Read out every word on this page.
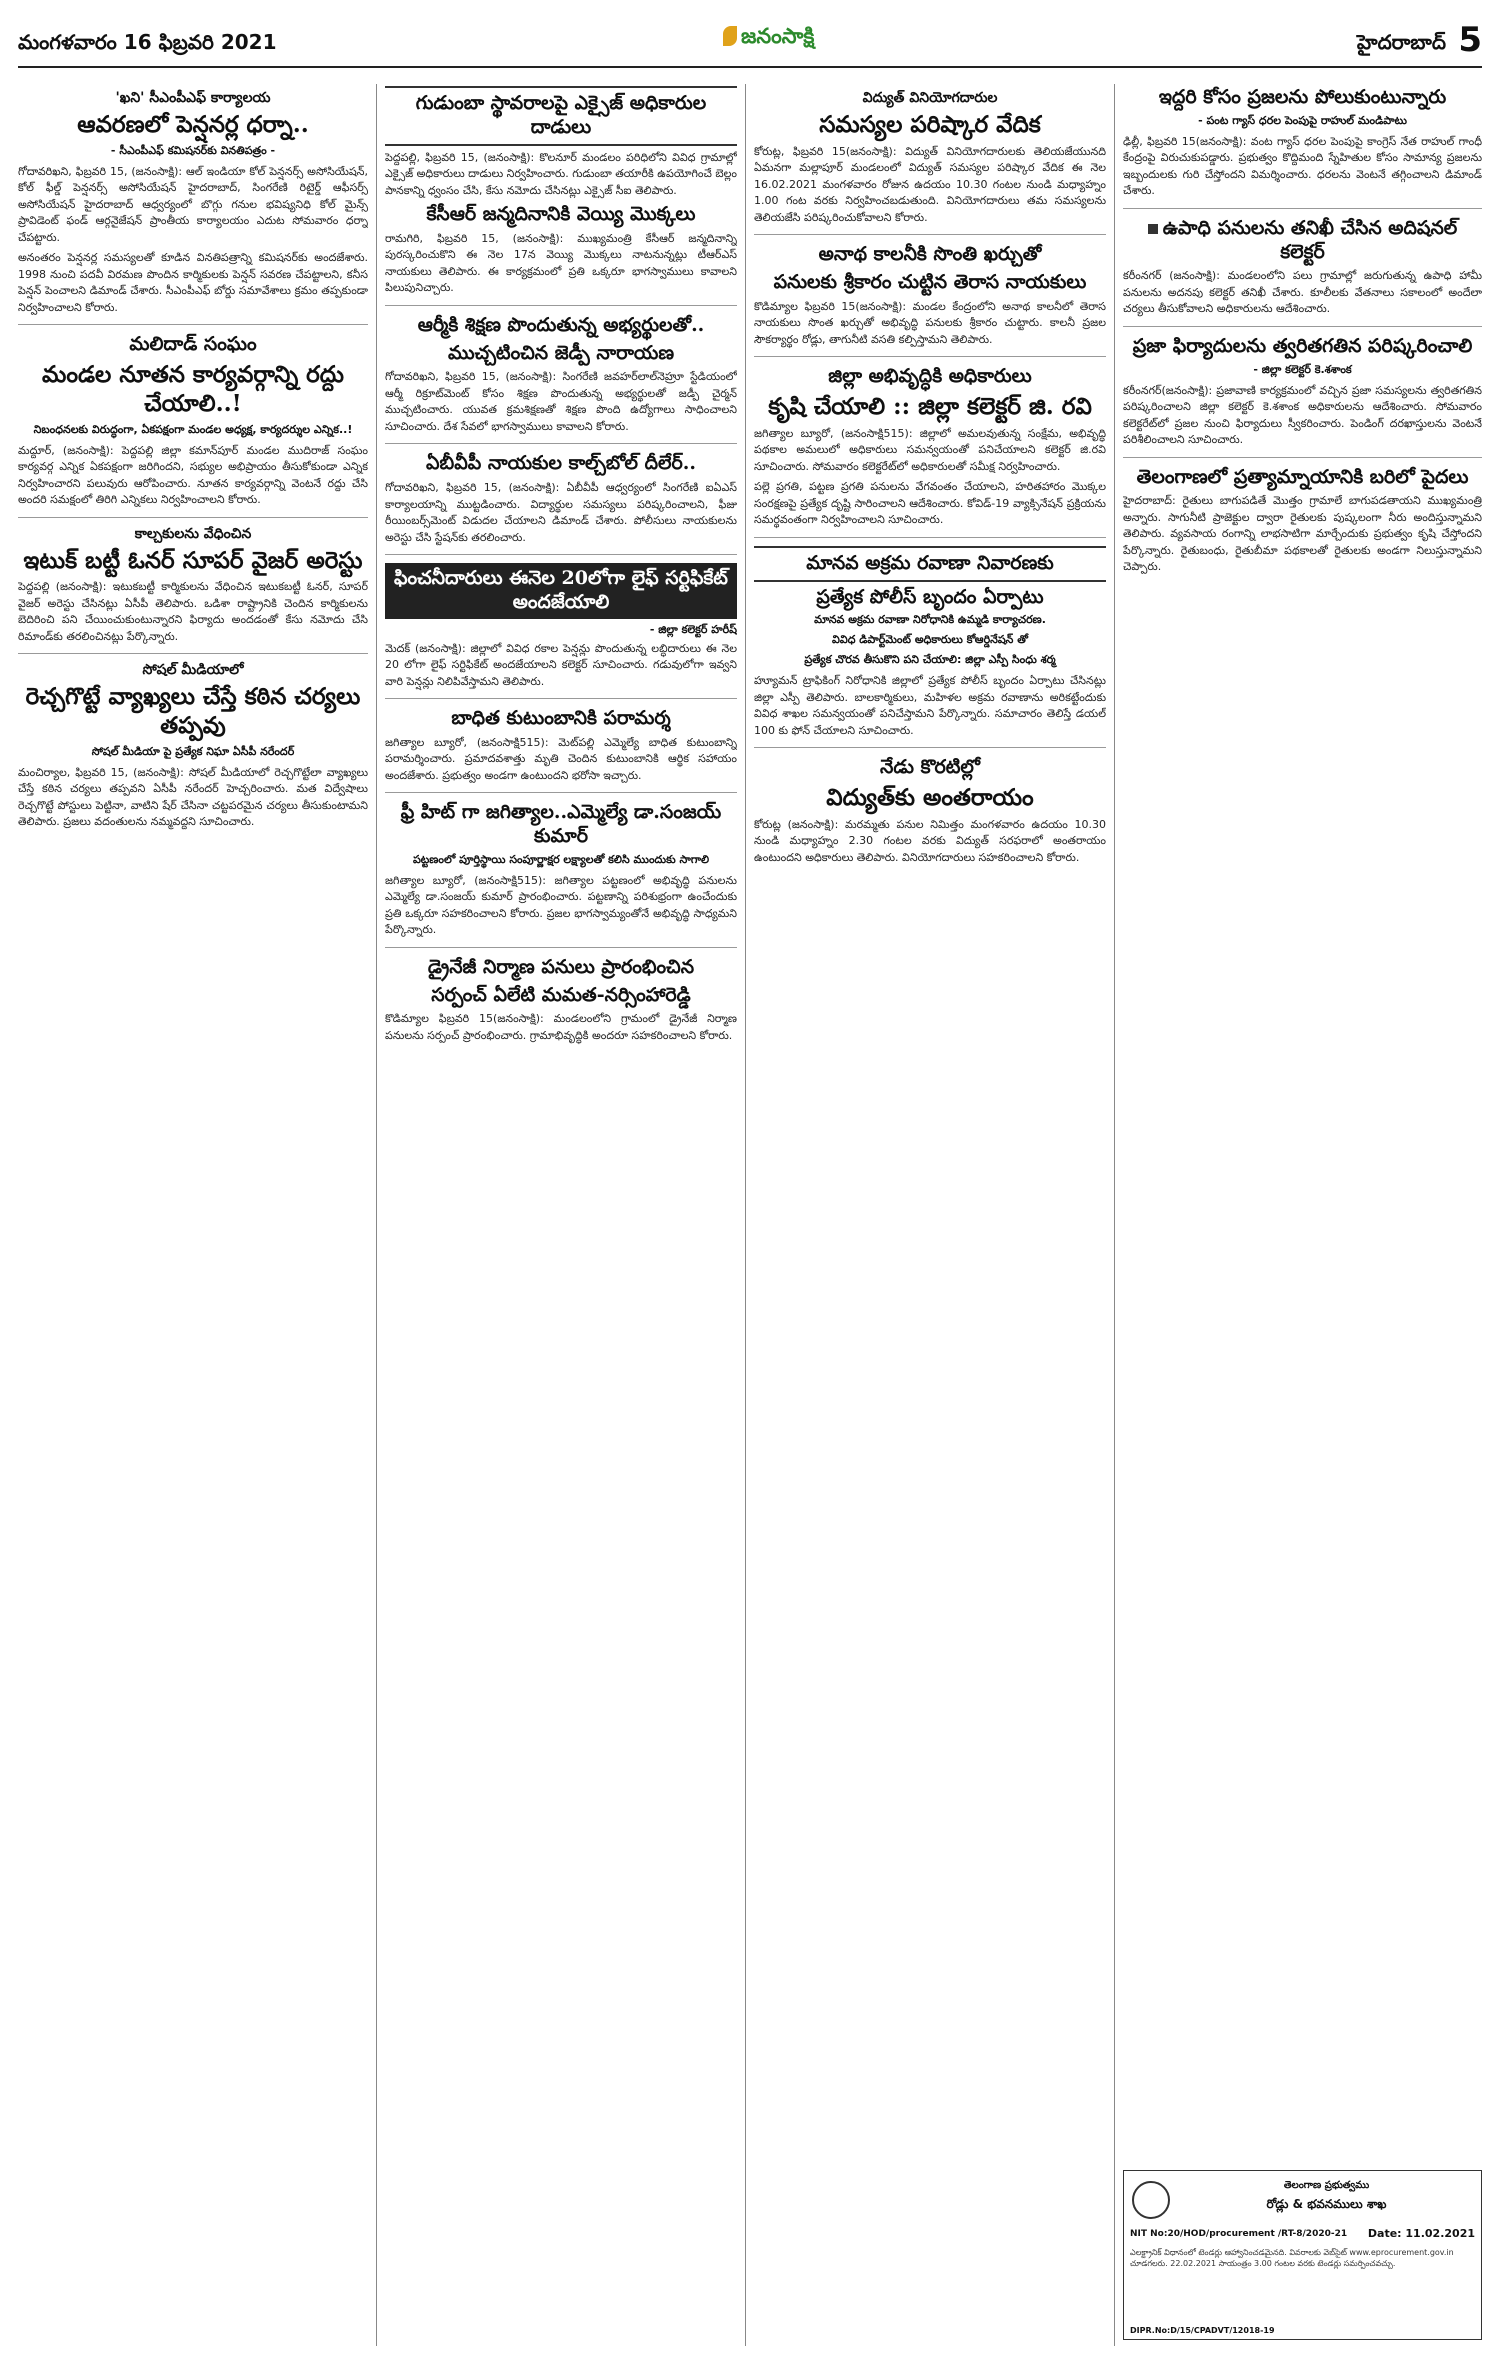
మంగళవారం 16 ఫిబ్రవరి 2021	జనంసాక్షి	హైదరాబాద్ 5
'ఖని' సీఎంపీఎఫ్‌ కార్యాలయ
ఆవరణలో పెన్షనర్ల ధర్నా..
- సీఎంపీఎఫ్‌ కమిషనర్‌కు వినతిపత్రం -

గోదావరిఖని, ఫిబ్రవరి 15, (జనంసాక్షి): ఆల్‌ ఇండియా కోల్‌ పెన్షనర్స్‌ అసోసియేషన్‌, కోల్‌ ఫీల్డ్‌ పెన్షనర్స్‌ అసోసియేషన్‌ హైదరాబాద్‌, సింగరేణి రిటైర్డ్‌ ఆఫీసర్స్‌ అసోసియేషన్‌ హైదరాబాద్‌ ఆధ్వర్యంలో బొగ్గు గనుల భవిష్యనిధి కోల్‌ మైన్స్‌ ప్రావిడెంట్‌ ఫండ్‌ ఆర్గనైజేషన్‌ ప్రాంతీయ కార్యాలయం ఎదుట సోమవారం ధర్నా చేపట్టారు.

అనంతరం పెన్షనర్ల సమస్యలతో కూడిన వినతిపత్రాన్ని కమిషనర్‌కు అందజేశారు. 1998 నుంచి పదవీ విరమణ పొందిన కార్మికులకు పెన్షన్‌ సవరణ చేపట్టాలని, కనీస పెన్షన్‌ పెంచాలని డిమాండ్‌ చేశారు. సీఎంపీఎఫ్‌ బోర్డు సమావేశాలు క్రమం తప్పకుండా నిర్వహించాలని కోరారు.

మలిదాడ్‌ సంఘం
మండల నూతన కార్యవర్గాన్ని రద్దు చేయాలి..!
నిబంధనలకు విరుద్ధంగా, ఏకపక్షంగా మండల అధ్యక్ష, కార్యదర్శుల ఎన్నిక..!

మద్దూర్‌, (జనంసాక్షి): పెద్దపల్లి జిల్లా కమాన్‌పూర్‌ మండల ముదిరాజ్‌ సంఘం కార్యవర్గ ఎన్నిక ఏకపక్షంగా జరిగిందని, సభ్యుల అభిప్రాయం తీసుకోకుండా ఎన్నిక నిర్వహించారని పలువురు ఆరోపించారు. నూతన కార్యవర్గాన్ని వెంటనే రద్దు చేసి అందరి సమక్షంలో తిరిగి ఎన్నికలు నిర్వహించాలని కోరారు.

కాల్చకులను వేధించిన
ఇటుక్‌ బట్టీ ఓనర్‌ సూపర్‌ వైజర్‌ అరెస్టు

పెద్దపల్లి (జనంసాక్షి): ఇటుకబట్టీ కార్మికులను వేధించిన ఇటుకబట్టీ ఓనర్‌, సూపర్‌ వైజర్‌ అరెస్టు చేసినట్లు ఏసీపీ తెలిపారు. ఒడిశా రాష్ట్రానికి చెందిన కార్మికులను బెదిరించి పని చేయించుకుంటున్నారని ఫిర్యాదు అందడంతో కేసు నమోదు చేసి రిమాండ్‌కు తరలించినట్లు పేర్కొన్నారు.

సోషల్‌ మీడియాలో
రెచ్చగొట్టే వ్యాఖ్యలు చేస్తే కఠిన చర్యలు తప్పవు
సోషల్‌ మీడియా పై ప్రత్యేక నిఘా ఏసీపీ నరేందర్‌

మంచిర్యాల, ఫిబ్రవరి 15, (జనంసాక్షి): సోషల్‌ మీడియాలో రెచ్చగొట్టేలా వ్యాఖ్యలు చేస్తే కఠిన చర్యలు తప్పవని ఏసీపీ నరేందర్‌ హెచ్చరించారు. మత విద్వేషాలు రెచ్చగొట్టే పోస్టులు పెట్టినా, వాటిని షేర్‌ చేసినా చట్టపరమైన చర్యలు తీసుకుంటామని తెలిపారు. ప్రజలు వదంతులను నమ్మవద్దని సూచించారు.

గుడుంబా స్థావరాలపై ఎక్సైజ్‌ అధికారుల దాడులు

పెద్దపల్లి, ఫిబ్రవరి 15, (జనంసాక్షి): కొలనూర్‌ మండలం పరిధిలోని వివిధ గ్రామాల్లో ఎక్సైజ్‌ అధికారులు దాడులు నిర్వహించారు. గుడుంబా తయారీకి ఉపయోగించే బెల్లం పానకాన్ని ధ్వంసం చేసి, కేసు నమోదు చేసినట్లు ఎక్సైజ్‌ సీఐ తెలిపారు.

కేసీఆర్‌ జన్మదినానికి వెయ్యి మొక్కలు

రామగిరి, ఫిబ్రవరి 15, (జనంసాక్షి): ముఖ్యమంత్రి కేసీఆర్‌ జన్మదినాన్ని పురస్కరించుకొని ఈ నెల 17న వెయ్యి మొక్కలు నాటనున్నట్లు టీఆర్‌ఎస్‌ నాయకులు తెలిపారు. ఈ కార్యక్రమంలో ప్రతి ఒక్కరూ భాగస్వాములు కావాలని పిలుపునిచ్చారు.

ఆర్మీకి శిక్షణ పొందుతున్న అభ్యర్థులతో..
ముచ్చటించిన జెడ్పీ నారాయణ

గోదావరిఖని, ఫిబ్రవరి 15, (జనంసాక్షి): సింగరేణి జవహర్‌లాల్‌నెహ్రూ స్టేడియంలో ఆర్మీ రిక్రూట్‌మెంట్‌ కోసం శిక్షణ పొందుతున్న అభ్యర్థులతో జడ్పీ చైర్మన్‌ ముచ్చటించారు. యువత క్రమశిక్షణతో శిక్షణ పొంది ఉద్యోగాలు సాధించాలని సూచించారు. దేశ సేవలో భాగస్వాములు కావాలని కోరారు.

ఏబీవీపీ నాయకుల కాల్చ్‌బోల్‌ దీలేర్‌..

గోదావరిఖని, ఫిబ్రవరి 15, (జనంసాక్షి): ఏబీవీపీ ఆధ్వర్యంలో సింగరేణి ఐఏఎస్‌ కార్యాలయాన్ని ముట్టడించారు. విద్యార్థుల సమస్యలు పరిష్కరించాలని, ఫీజు రీయింబర్స్‌మెంట్‌ విడుదల చేయాలని డిమాండ్‌ చేశారు. పోలీసులు నాయకులను అరెస్టు చేసి స్టేషన్‌కు తరలించారు.

ఫించనీదారులు ఈనెల 20లోగా లైఫ్‌ సర్టిఫికేట్‌ అందజేయాలి
- జిల్లా కలెక్టర్‌ హరీష్‌

మెదక్‌ (జనంసాక్షి): జిల్లాలో వివిధ రకాల పెన్షన్లు పొందుతున్న లబ్ధిదారులు ఈ నెల 20 లోగా లైఫ్‌ సర్టిఫికేట్‌ అందజేయాలని కలెక్టర్‌ సూచించారు. గడువులోగా ఇవ్వని వారి పెన్షన్లు నిలిపివేస్తామని తెలిపారు.

బాధిత కుటుంబానికి పరామర్శ

జగిత్యాల బ్యూరో, (జనంసాక్షి515): మెట్‌పల్లి ఎమ్మెల్యే బాధిత కుటుంబాన్ని పరామర్శించారు. ప్రమాదవశాత్తు మృతి చెందిన కుటుంబానికి ఆర్థిక సహాయం అందజేశారు. ప్రభుత్వం అండగా ఉంటుందని భరోసా ఇచ్చారు.

ఫ్రీ హిట్‌ గా జగిత్యాల..ఎమ్మెల్యే డా.సంజయ్‌ కుమార్‌
పట్టణంలో పూర్తిస్థాయి సంపూర్ణాక్షర లక్ష్యాలతో కలిసి ముందుకు సాగాలి

జగిత్యాల బ్యూరో, (జనంసాక్షి515): జగిత్యాల పట్టణంలో అభివృద్ధి పనులను ఎమ్మెల్యే డా.సంజయ్‌ కుమార్‌ ప్రారంభించారు. పట్టణాన్ని పరిశుభ్రంగా ఉంచేందుకు ప్రతి ఒక్కరూ సహకరించాలని కోరారు. ప్రజల భాగస్వామ్యంతోనే అభివృద్ధి సాధ్యమని పేర్కొన్నారు.

డ్రైనేజీ నిర్మాణ పనులు ప్రారంభించిన
సర్పంచ్‌ ఏలేటి మమత-నర్సింహారెడ్డి

కొడిమ్యాల ఫిబ్రవరి 15(జనంసాక్షి): మండలంలోని గ్రామంలో డ్రైనేజీ నిర్మాణ పనులను సర్పంచ్‌ ప్రారంభించారు. గ్రామాభివృద్ధికి అందరూ సహకరించాలని కోరారు.

విద్యుత్‌ వినియోగదారుల
సమస్యల పరిష్కార వేదిక

కోరుట్ల, ఫిబ్రవరి 15(జనంసాక్షి): విద్యుత్‌ వినియోగదారులకు తెలియజేయునది ఏమనగా మల్లాపూర్‌ మండలంలో విద్యుత్‌ సమస్యల పరిష్కార వేదిక ఈ నెల 16.02.2021 మంగళవారం రోజున ఉదయం 10.30 గంటల నుండి మధ్యాహ్నం 1.00 గంట వరకు నిర్వహించబడుతుంది. వినియోగదారులు తమ సమస్యలను తెలియజేసి పరిష్కరించుకోవాలని కోరారు.

అనాథ కాలనీకి సొంతి ఖర్చుతో
పనులకు శ్రీకారం చుట్టిన తెరాస నాయకులు

కొడిమ్యాల ఫిబ్రవరి 15(జనంసాక్షి): మండల కేంద్రంలోని అనాథ కాలనీలో తెరాస నాయకులు సొంత ఖర్చుతో అభివృద్ధి పనులకు శ్రీకారం చుట్టారు. కాలనీ ప్రజల సౌకర్యార్థం రోడ్లు, తాగునీటి వసతి కల్పిస్తామని తెలిపారు.

జిల్లా అభివృద్ధికి అధికారులు
కృషి చేయాలి :: జిల్లా కలెక్టర్‌ జి. రవి

జగిత్యాల బ్యూరో, (జనంసాక్షి515): జిల్లాలో అమలవుతున్న సంక్షేమ, అభివృద్ధి పథకాల అమలులో అధికారులు సమన్వయంతో పనిచేయాలని కలెక్టర్‌ జి.రవి సూచించారు. సోమవారం కలెక్టరేట్‌లో అధికారులతో సమీక్ష నిర్వహించారు.

పల్లె ప్రగతి, పట్టణ ప్రగతి పనులను వేగవంతం చేయాలని, హరితహారం మొక్కల సంరక్షణపై ప్రత్యేక దృష్టి సారించాలని ఆదేశించారు. కోవిడ్‌-19 వ్యాక్సినేషన్‌ ప్రక్రియను సమర్థవంతంగా నిర్వహించాలని సూచించారు.

మానవ అక్రమ రవాణా నివారణకు
ప్రత్యేక పోలీస్‌ బృందం ఏర్పాటు
మానవ అక్రమ రవాణా నిరోధానికి ఉమ్మడి కార్యాచరణ.
వివిధ డిపార్ట్‌మెంట్‌ అధికారులు కోఆర్డినేషన్‌ తో
ప్రత్యేక చొరవ తీసుకొని పని చేయాలి: జిల్లా ఎస్పీ సింధు శర్మ

హ్యూమన్‌ ట్రాఫికింగ్‌ నిరోధానికి జిల్లాలో ప్రత్యేక పోలీస్‌ బృందం ఏర్పాటు చేసినట్లు జిల్లా ఎస్పీ తెలిపారు. బాలకార్మికులు, మహిళల అక్రమ రవాణాను అరికట్టేందుకు వివిధ శాఖల సమన్వయంతో పనిచేస్తామని పేర్కొన్నారు. సమాచారం తెలిస్తే డయల్‌ 100 కు ఫోన్‌ చేయాలని సూచించారు.

నేడు కొరటిల్లో
విద్యుత్‌కు అంతరాయం

కోరుట్ల (జనంసాక్షి): మరమ్మతు పనుల నిమిత్తం మంగళవారం ఉదయం 10.30 నుండి మధ్యాహ్నం 2.30 గంటల వరకు విద్యుత్‌ సరఫరాలో అంతరాయం ఉంటుందని అధికారులు తెలిపారు. వినియోగదారులు సహకరించాలని కోరారు.

ఇద్దరి కోసం ప్రజలను పోలుకుంటున్నారు
- పంట గ్యాస్‌ ధరల పెంపుపై రాహుల్‌ మండిపాటు

ఢిల్లీ, ఫిబ్రవరి 15(జనంసాక్షి): వంట గ్యాస్‌ ధరల పెంపుపై కాంగ్రెస్‌ నేత రాహుల్‌ గాంధీ కేంద్రంపై విరుచుకుపడ్డారు. ప్రభుత్వం కొద్దిమంది స్నేహితుల కోసం సామాన్య ప్రజలను ఇబ్బందులకు గురి చేస్తోందని విమర్శించారు. ధరలను వెంటనే తగ్గించాలని డిమాండ్‌ చేశారు.

ఉపాధి పనులను తనిఖీ చేసిన అదిషనల్‌ కలెక్టర్‌

కరీంనగర్‌ (జనంసాక్షి): మండలంలోని పలు గ్రామాల్లో జరుగుతున్న ఉపాధి హామీ పనులను అదనపు కలెక్టర్‌ తనిఖీ చేశారు. కూలీలకు వేతనాలు సకాలంలో అందేలా చర్యలు తీసుకోవాలని అధికారులను ఆదేశించారు.

ప్రజా ఫిర్యాదులను త్వరితగతిన పరిష్కరించాలి
- జిల్లా కలెక్టర్‌ కె.శశాంక

కరీంనగర్‌(జనంసాక్షి): ప్రజావాణి కార్యక్రమంలో వచ్చిన ప్రజా సమస్యలను త్వరితగతిన పరిష్కరించాలని జిల్లా కలెక్టర్‌ కె.శశాంక అధికారులను ఆదేశించారు. సోమవారం కలెక్టరేట్‌లో ప్రజల నుంచి ఫిర్యాదులు స్వీకరించారు. పెండింగ్‌ దరఖాస్తులను వెంటనే పరిశీలించాలని సూచించారు.

తెలంగాణలో ప్రత్యామ్నాయానికి బరిలో పైదలు

హైదరాబాద్‌: రైతులు బాగుపడితే మొత్తం గ్రామాలే బాగుపడతాయని ముఖ్యమంత్రి అన్నారు. సాగునీటి ప్రాజెక్టుల ద్వారా రైతులకు పుష్కలంగా నీరు అందిస్తున్నామని తెలిపారు. వ్యవసాయ రంగాన్ని లాభసాటిగా మార్చేందుకు ప్రభుత్వం కృషి చేస్తోందని పేర్కొన్నారు. రైతుబంధు, రైతుబీమా పథకాలతో రైతులకు అండగా నిలుస్తున్నామని చెప్పారు.

తెలంగాణ ప్రభుత్వము
రోడ్లు & భవనములు శాఖ
NIT No:20/HOD/procurement /RT-8/2020-21 Date: 11.02.2021
ఎలక్ట్రానిక్‌ విధానంలో టెండర్లు ఆహ్వానించడమైనది. వివరాలకు వెబ్‌సైట్‌ www.eprocurement.gov.in చూడగలరు. 22.02.2021 సాయంత్రం 3.00 గంటల వరకు టెండర్లు సమర్పించవచ్చు.
DIPR.No:D/15/CPADVT/12018-19
